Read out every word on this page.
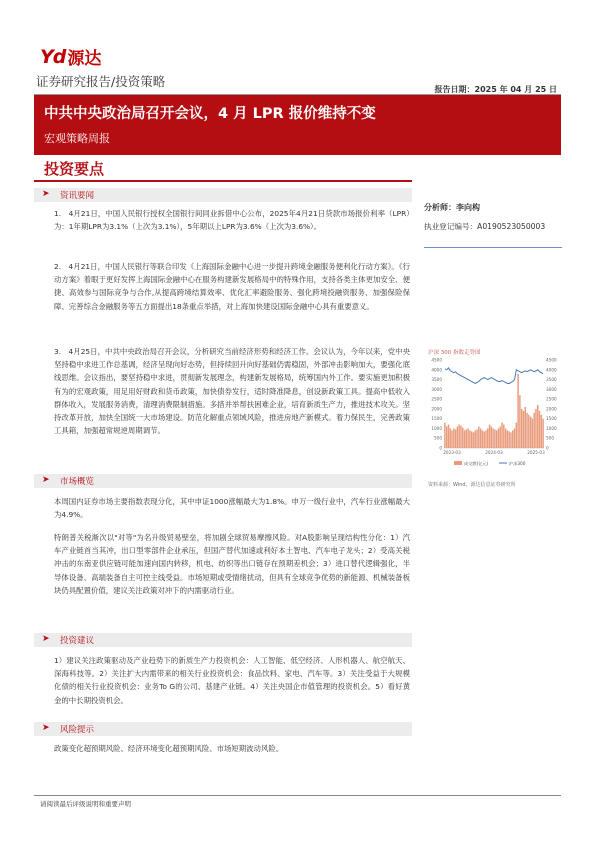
Yd 源达
证券研究报告/投资策略
报告日期：2025 年 04 月 25 日
中共中央政治局召开会议，4 月 LPR 报价维持不变
宏观策略周报
投资要点
➤ 资讯要闻
1.　4月21日，中国人民银行授权全国银行间同业拆借中心公布，2025年4月21日贷款市场报价利率（LPR）为：1年期LPR为3.1%（上次为3.1%），5年期以上LPR为3.6%（上次为3.6%）。
2.　4月21日，中国人民银行等联合印发《上海国际金融中心进一步提升跨境金融服务便利化行动方案》。《行动方案》着眼于更好发挥上海国际金融中心在服务构建新发展格局中的特殊作用，支持各类主体更加安全、便捷、高效参与国际竞争与合作,从提高跨境结算效率、优化汇率避险服务、强化跨境投融资服务、加强保险保障、完善综合金融服务等五方面提出18条重点举措，对上海加快建设国际金融中心具有重要意义。
3.　4月25日，中共中央政治局召开会议，分析研究当前经济形势和经济工作。会议认为，今年以来，党中央坚持稳中求进工作总基调，经济呈现向好态势，但持续回升向好基础仍需稳固，外部冲击影响加大，要强化底线思维。会议指出，要坚持稳中求进，贯彻新发展理念，构建新发展格局，统筹国内外工作。要实施更加积极有为的宏观政策，用足用好财政和货币政策，加快债券发行，适时降准降息，创设新政策工具。提高中低收入群体收入，发展服务消费，清理消费限制措施。多措并举帮扶困难企业，培育新质生产力，推进技术攻关。坚持改革开放，加快全国统一大市场建设。防范化解重点领域风险，推进房地产新模式。着力保民生，完善政策工具箱，加强超常规逆周期调节。
➤ 市场概览
本周国内证券市场主要指数表现分化，其中申证1000涨幅最大为1.8%。申万一级行业中，汽车行业涨幅最大为4.9%。
特朗普关税渐次以"对等"为名升级贸易壁垒，将加剧全球贸易摩擦风险。对A股影响呈现结构性分化：1）汽车产业链首当其冲，出口型零部件企业承压，但国产替代加速或利好本土智电、汽车电子龙头；2）受高关税冲击的东南亚供应链可能加速向国内转移，机电、纺织等出口链存在预期差机会；3）进口替代逻辑强化，半导体设备、高端装备自主可控主线受益。市场短期或受情绪扰动，但具有全球竞争优势的新能源、机械装备板块仍具配置价值，建议关注政策对冲下的内需驱动行业。
➤ 投资建议
1）建议关注政策驱动及产业趋势下的新质生产力投资机会：人工智能、低空经济、人形机器人、航空航天、深海科技等。2）关注扩大内需带来的相关行业投资机会：食品饮料、家电、汽车等。3）关注受益于大规模化债的相关行业投资机会：业务To G的公司、基建产业链。4）关注央国企市值管理的投资机会。5）看好黄金的中长期投资机会。
➤ 风险提示
政策变化超预期风险、经济环境变化超预期风险、市场短期波动风险。
分析师：李向构
执业登记编号：A0190523050003
沪深 300 指数走势图
0
500
1000
1500
2000
2500
3000
3500
4000
4500
0
500
1000
1500
2000
2500
3000
3500
4000
4500
2023-03	2024-03	2025-03
成交额(亿元)	沪深300
资料来源：Wind，源达信息证券研究所
请阅读最后评级说明和重要声明
